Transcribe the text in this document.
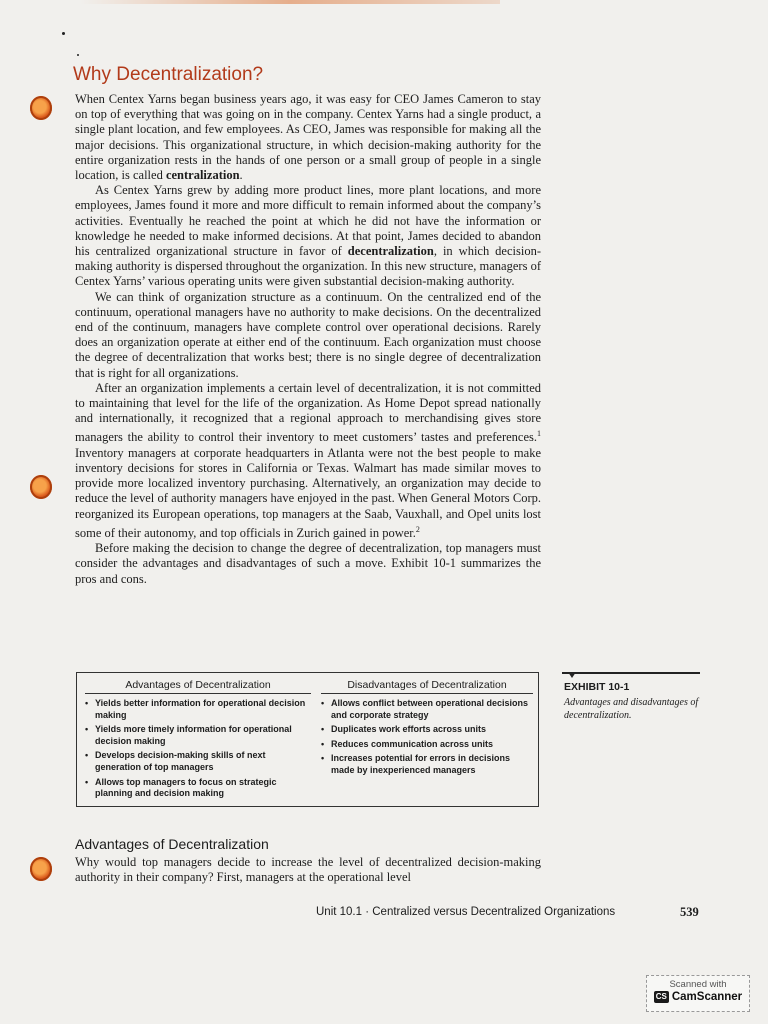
Why Decentralization?

When Centex Yarns began business years ago, it was easy for CEO James Cameron to stay on top of everything that was going on in the company. Centex Yarns had a single product, a single plant location, and few employees. As CEO, James was responsible for making all the major decisions. This organizational structure, in which decision-making authority for the entire organization rests in the hands of one person or a small group of people in a single location, is called centralization.

As Centex Yarns grew by adding more product lines, more plant locations, and more employees, James found it more and more difficult to remain informed about the company’s activities. Eventually he reached the point at which he did not have the information or knowledge he needed to make informed decisions. At that point, James decided to abandon his centralized organizational structure in favor of decentralization, in which decision-making authority is dispersed throughout the organization. In this new structure, managers of Centex Yarns’ various operating units were given substantial decision-making authority.

We can think of organization structure as a continuum. On the centralized end of the continuum, operational managers have no authority to make decisions. On the decentralized end of the continuum, managers have complete control over operational decisions. Rarely does an organization operate at either end of the continuum. Each organization must choose the degree of decentralization that works best; there is no single degree of decentralization that is right for all organizations.

After an organization implements a certain level of decentralization, it is not committed to maintaining that level for the life of the organization. As Home Depot spread nationally and internationally, it recognized that a regional approach to merchandising gives store managers the ability to control their inventory to meet customers’ tastes and preferences.$^1$ Inventory managers at corporate headquarters in Atlanta were not the best people to make inventory decisions for stores in California or Texas. Walmart has made similar moves to provide more localized inventory purchasing. Alternatively, an organization may decide to reduce the level of authority managers have enjoyed in the past. When General Motors Corp. reorganized its European operations, top managers at the Saab, Vauxhall, and Opel units lost some of their autonomy, and top officials in Zurich gained in power.$^2$

Before making the decision to change the degree of decentralization, top managers must consider the advantages and disadvantages of such a move. Exhibit 10-1 summarizes the pros and cons.

Advantages of Decentralization
• Yields better information for operational decision making
• Yields more timely information for operational decision making
• Develops decision-making skills of next generation of top managers
• Allows top managers to focus on strategic planning and decision making
Disadvantages of Decentralization
• Allows conflict between operational decisions and corporate strategy
• Duplicates work efforts across units
• Reduces communication across units
• Increases potential for errors in decisions made by inexperienced managers
EXHIBIT 10-1
Advantages and disadvantages of decentralization.
Advantages of Decentralization

Why would top managers decide to increase the level of decentralized decision-making authority in their company? First, managers at the operational level

Unit 10.1 · Centralized versus Decentralized Organizations	539
Scanned with
CS CamScanner
